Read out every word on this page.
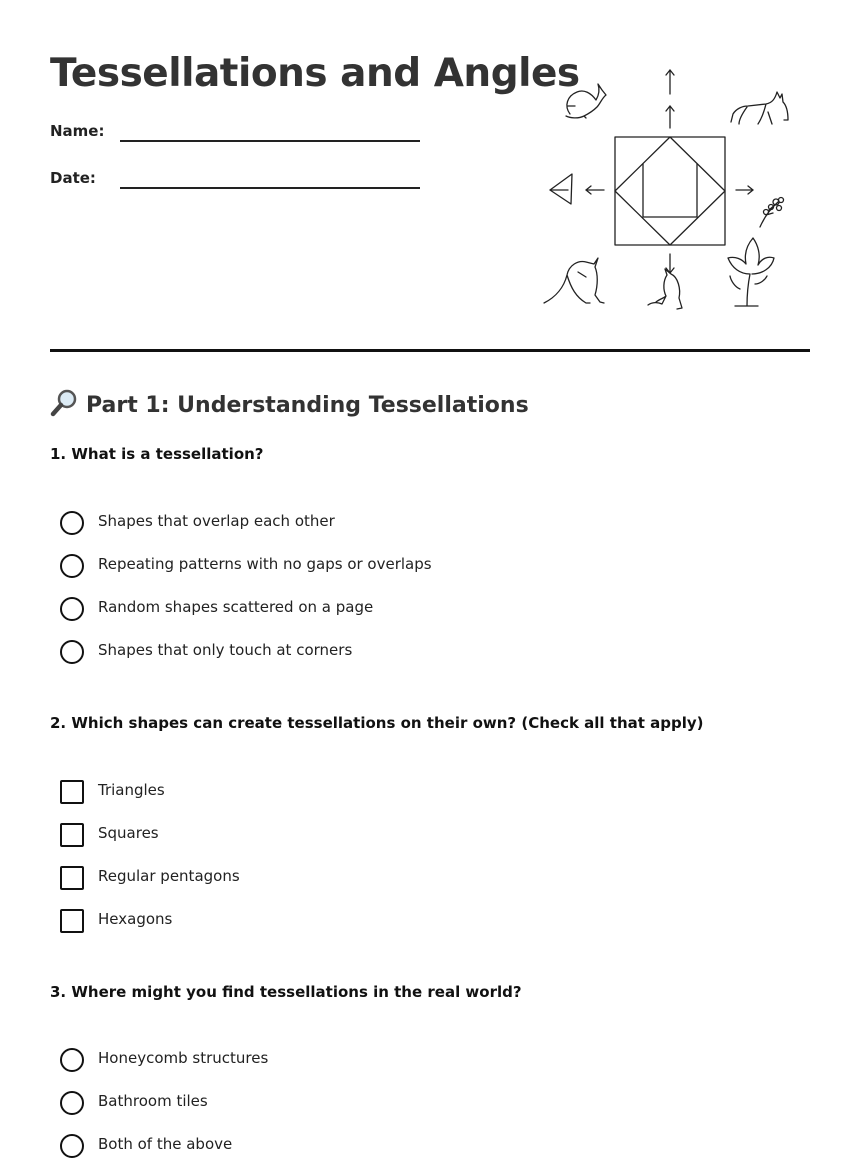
Tessellations and Angles
Name:
Date:
Part 1: Understanding Tessellations

1. What is a tessellation?

Shapes that overlap each other
Repeating patterns with no gaps or overlaps
Random shapes scattered on a page
Shapes that only touch at corners

2. Which shapes can create tessellations on their own? (Check all that apply)

Triangles
Squares
Regular pentagons
Hexagons

3. Where might you find tessellations in the real world?

Honeycomb structures
Bathroom tiles
Both of the above
